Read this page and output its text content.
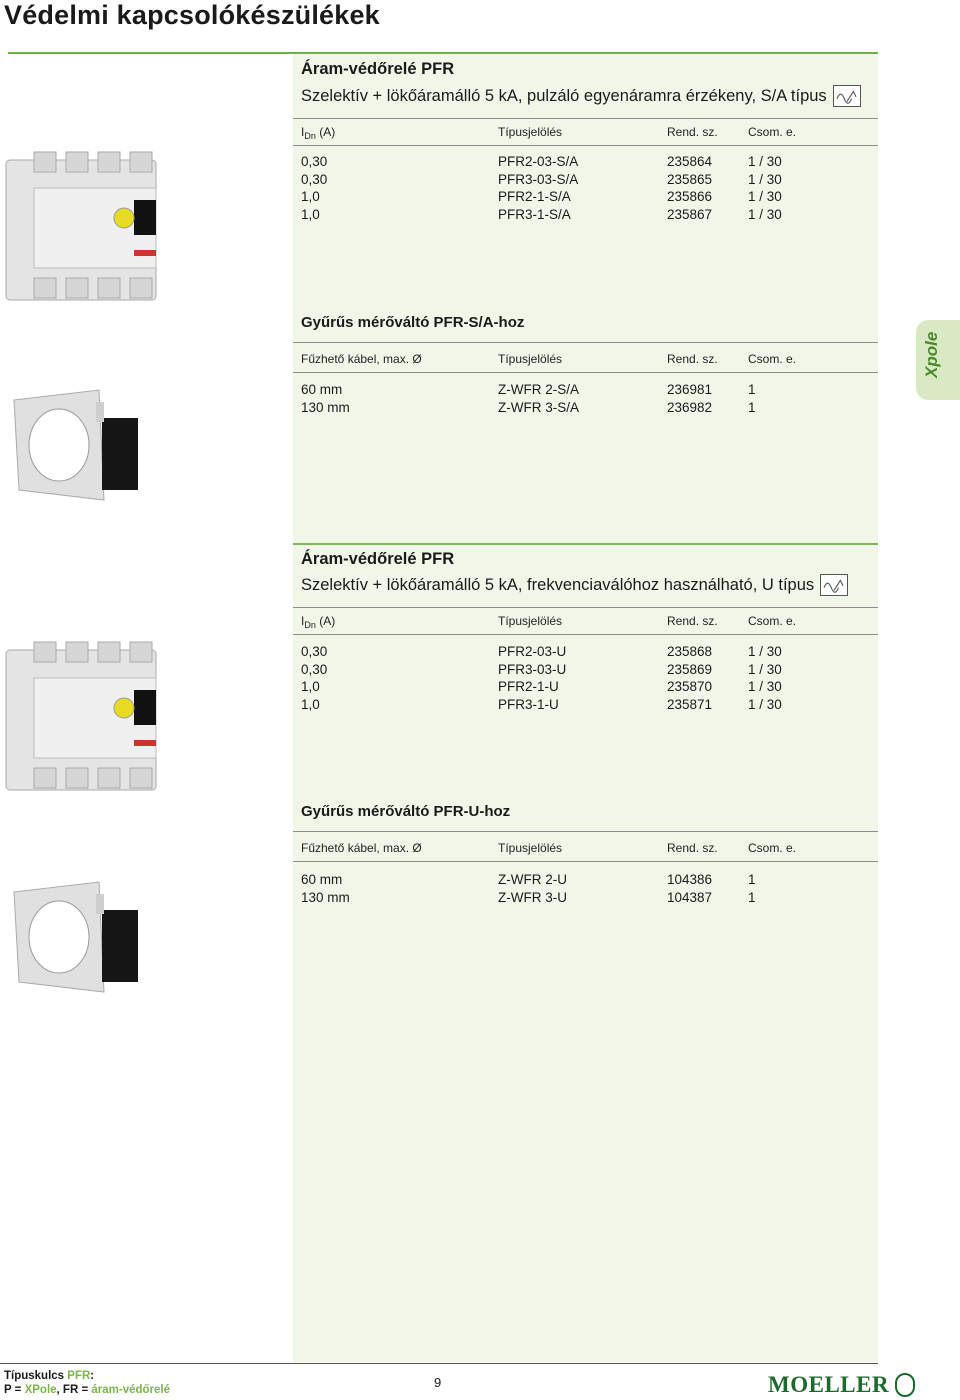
Védelmi kapcsolókészülékek
Áram-védőrelé PFR
Szelektív + lökőáramálló 5 kA, pulzáló egyenáramra érzékeny, S/A típus
$I_{Dn}$ (A)	Típusjelölés	Rend. sz.	Csom. e.
0,30	PFR2-03-S/A	235864	1 / 30
0,30	PFR3-03-S/A	235865	1 / 30
1,0	PFR2-1-S/A	235866	1 / 30
1,0	PFR3-1-S/A	235867	1 / 30
Gyűrűs mérőváltó PFR-S/A-hoz
Fűzhető kábel, max. Ø	Típusjelölés	Rend. sz.	Csom. e.
60 mm	Z-WFR 2-S/A	236981	1
130 mm	Z-WFR 3-S/A	236982	1
Áram-védőrelé PFR
Szelektív + lökőáramálló 5 kA, frekvenciaválóhoz használható, U típus
$I_{Dn}$ (A)	Típusjelölés	Rend. sz.	Csom. e.
0,30	PFR2-03-U	235868	1 / 30
0,30	PFR3-03-U	235869	1 / 30
1,0	PFR2-1-U	235870	1 / 30
1,0	PFR3-1-U	235871	1 / 30
Gyűrűs mérőváltó PFR-U-hoz
Fűzhető kábel, max. Ø	Típusjelölés	Rend. sz.	Csom. e.
60 mm	Z-WFR 2-U	104386	1
130 mm	Z-WFR 3-U	104387	1
Xpole
Típuskulcs PFR:
P = XPole, FR = áram-védőrelé	9	MOELLER
